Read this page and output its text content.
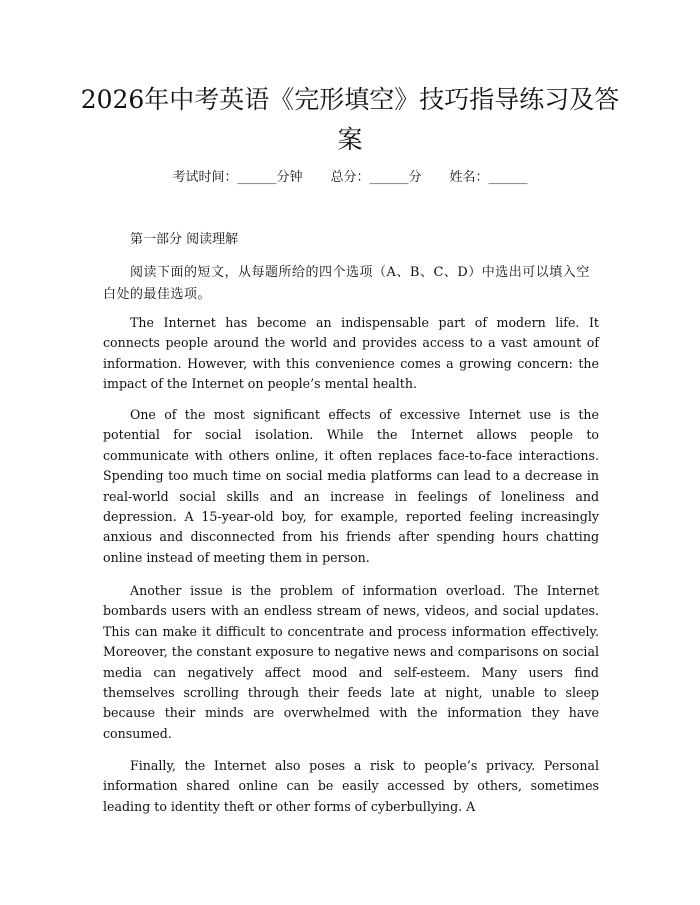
2026年中考英语《完形填空》技巧指导练习及答案
考试时间：______分钟 总分：______分 姓名：______
第一部分 阅读理解

阅读下面的短文，从每题所给的四个选项（A、B、C、D）中选出可以填入空白处的最佳选项。

The Internet has become an indispensable part of modern life. It connects people around the world and provides access to a vast amount of information. However, with this convenience comes a growing concern: the impact of the Internet on people’s mental health.

One of the most significant effects of excessive Internet use is the potential for social isolation. While the Internet allows people to communicate with others online, it often replaces face-to-face interactions. Spending too much time on social media platforms can lead to a decrease in real-world social skills and an increase in feelings of loneliness and depression. A 15-year-old boy, for example, reported feeling increasingly anxious and disconnected from his friends after spending hours chatting online instead of meeting them in person.

Another issue is the problem of information overload. The Internet bombards users with an endless stream of news, videos, and social updates. This can make it difficult to concentrate and process information effectively. Moreover, the constant exposure to negative news and comparisons on social media can negatively affect mood and self-esteem. Many users find themselves scrolling through their feeds late at night, unable to sleep because their minds are overwhelmed with the information they have consumed.

Finally, the Internet also poses a risk to people’s privacy. Personal information shared online can be easily accessed by others, sometimes leading to identity theft or other forms of cyberbullying. A
